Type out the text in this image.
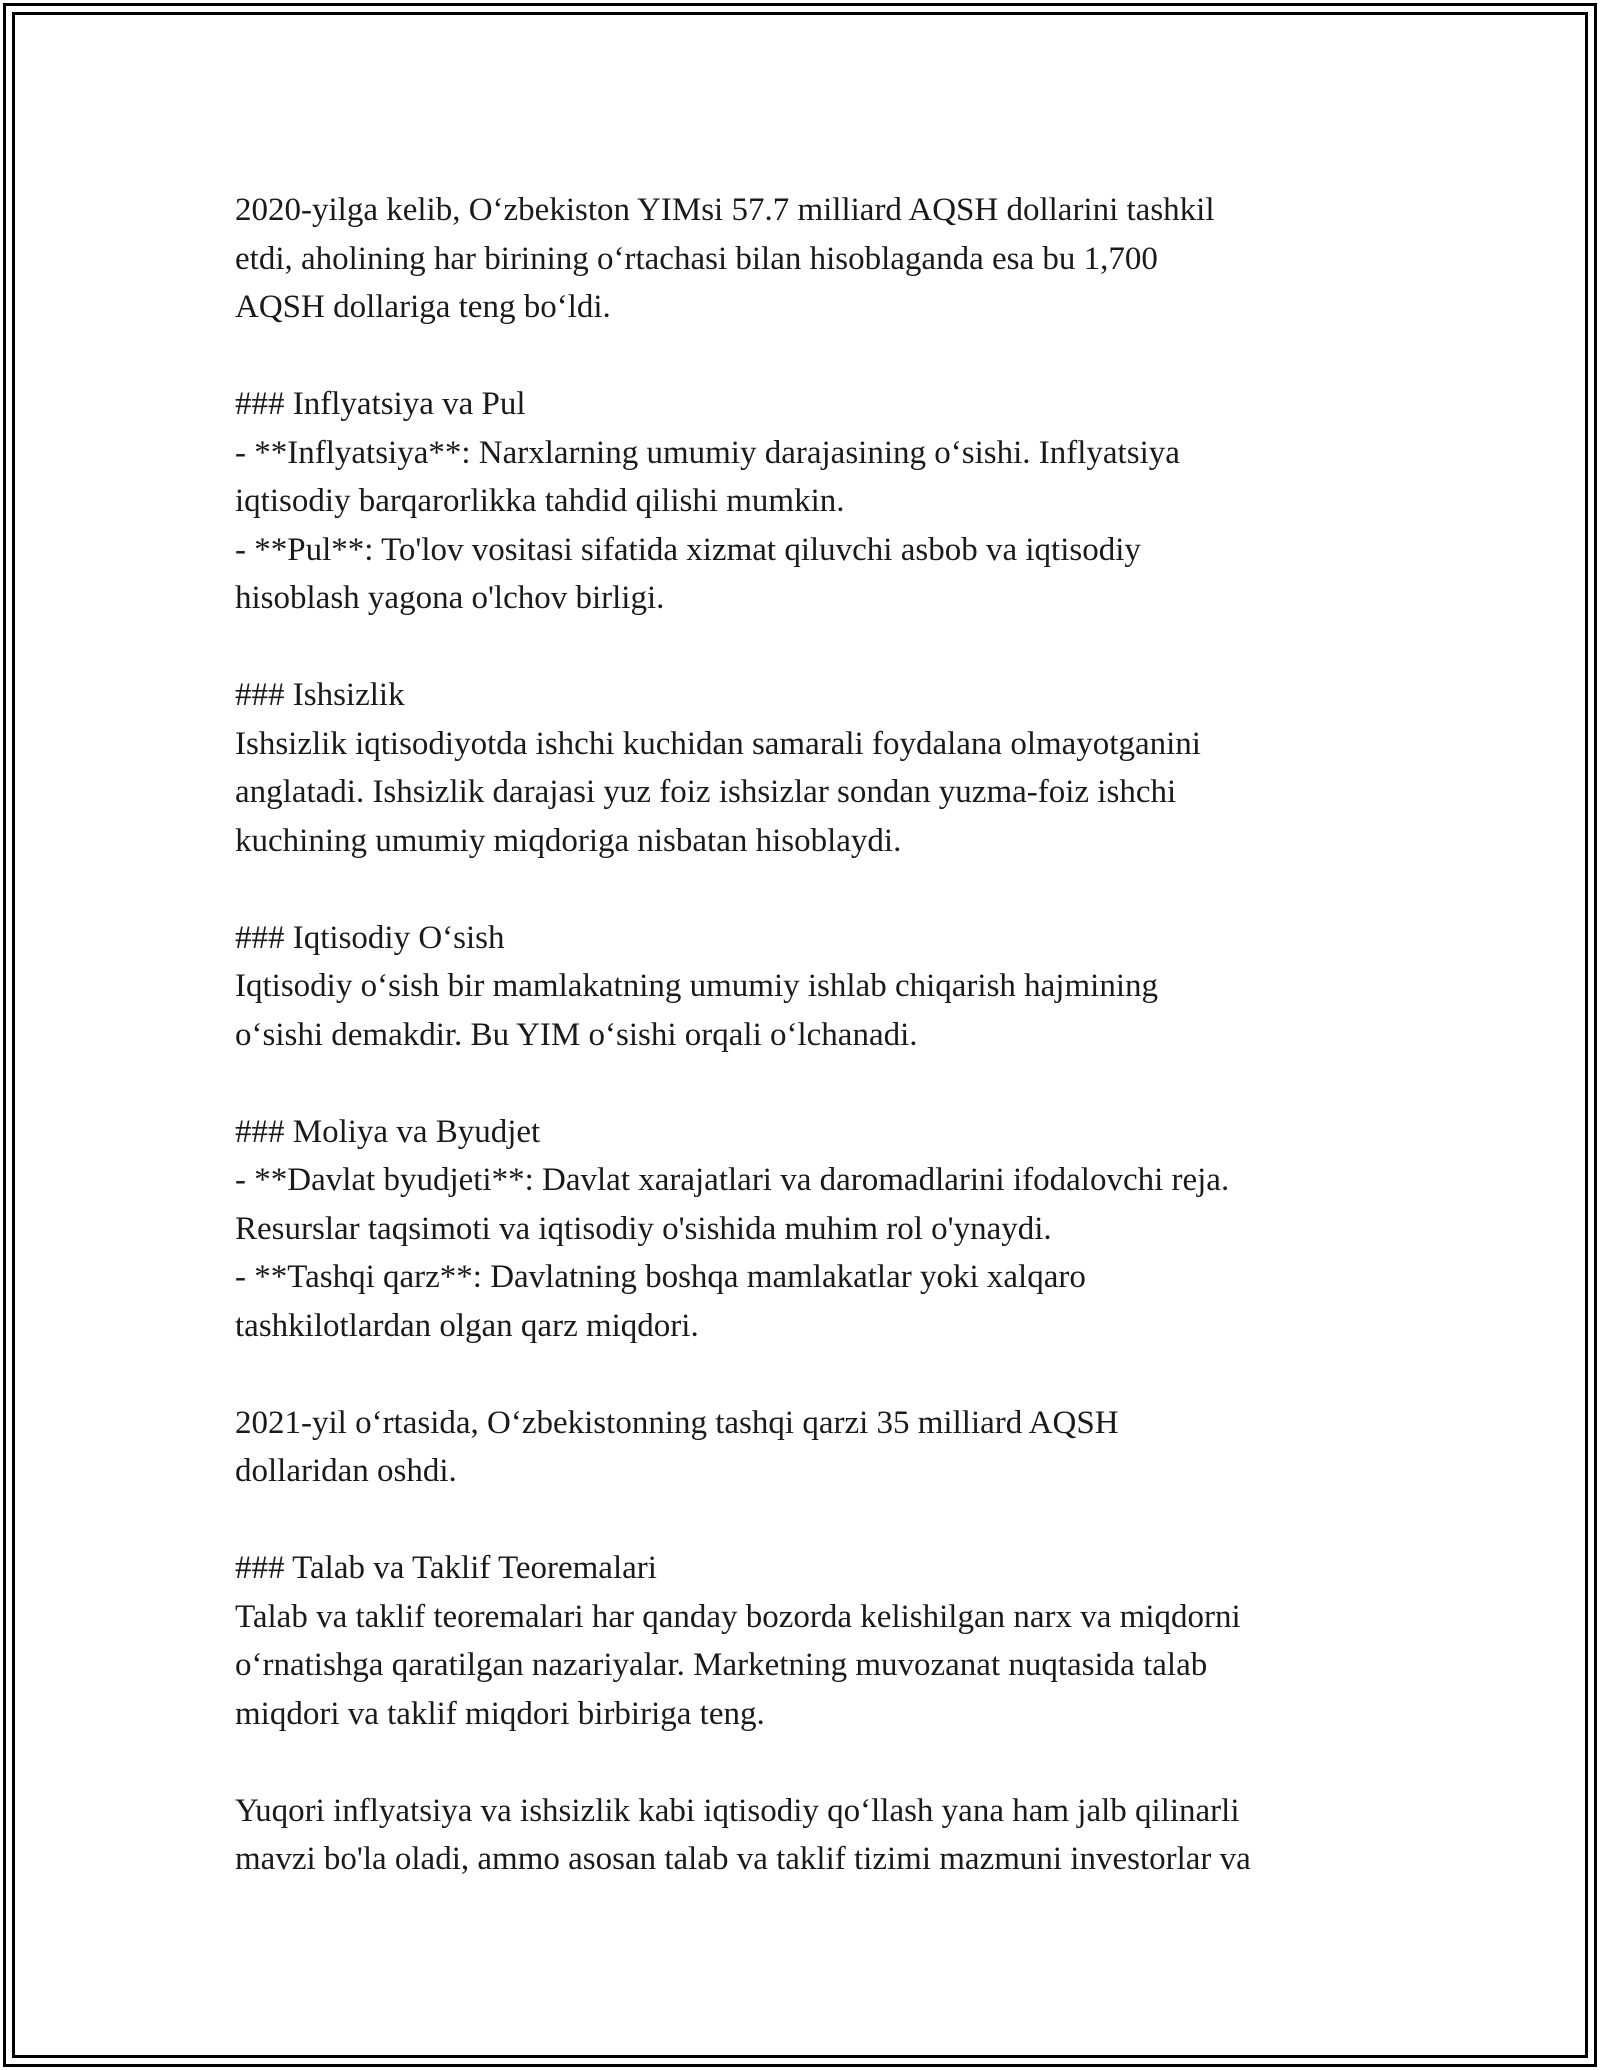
2020-yilga kelib, O‘zbekiston YIMsi 57.7 milliard AQSH dollarini tashkil
etdi, aholining har birining o‘rtachasi bilan hisoblaganda esa bu 1,700
AQSH dollariga teng bo‘ldi.
### Inflyatsiya va Pul
- **Inflyatsiya**: Narxlarning umumiy darajasining o‘sishi. Inflyatsiya
iqtisodiy barqarorlikka tahdid qilishi mumkin.
- **Pul**: To'lov vositasi sifatida xizmat qiluvchi asbob va iqtisodiy
hisoblash yagona o'lchov birligi.
### Ishsizlik
Ishsizlik iqtisodiyotda ishchi kuchidan samarali foydalana olmayotganini
anglatadi. Ishsizlik darajasi yuz foiz ishsizlar sondan yuzma-foiz ishchi
kuchining umumiy miqdoriga nisbatan hisoblaydi.
### Iqtisodiy O‘sish
Iqtisodiy o‘sish bir mamlakatning umumiy ishlab chiqarish hajmining
o‘sishi demakdir. Bu YIM o‘sishi orqali o‘lchanadi.
### Moliya va Byudjet
- **Davlat byudjeti**: Davlat xarajatlari va daromadlarini ifodalovchi reja.
Resurslar taqsimoti va iqtisodiy o'sishida muhim rol o'ynaydi.
- **Tashqi qarz**: Davlatning boshqa mamlakatlar yoki xalqaro
tashkilotlardan olgan qarz miqdori.
2021-yil o‘rtasida, O‘zbekistonning tashqi qarzi 35 milliard AQSH
dollaridan oshdi.
### Talab va Taklif Teoremalari
Talab va taklif teoremalari har qanday bozorda kelishilgan narx va miqdorni
o‘rnatishga qaratilgan nazariyalar. Marketning muvozanat nuqtasida talab
miqdori va taklif miqdori birbiriga teng.
Yuqori inflyatsiya va ishsizlik kabi iqtisodiy qo‘llash yana ham jalb qilinarli
mavzi bo'la oladi, ammo asosan talab va taklif tizimi mazmuni investorlar va
